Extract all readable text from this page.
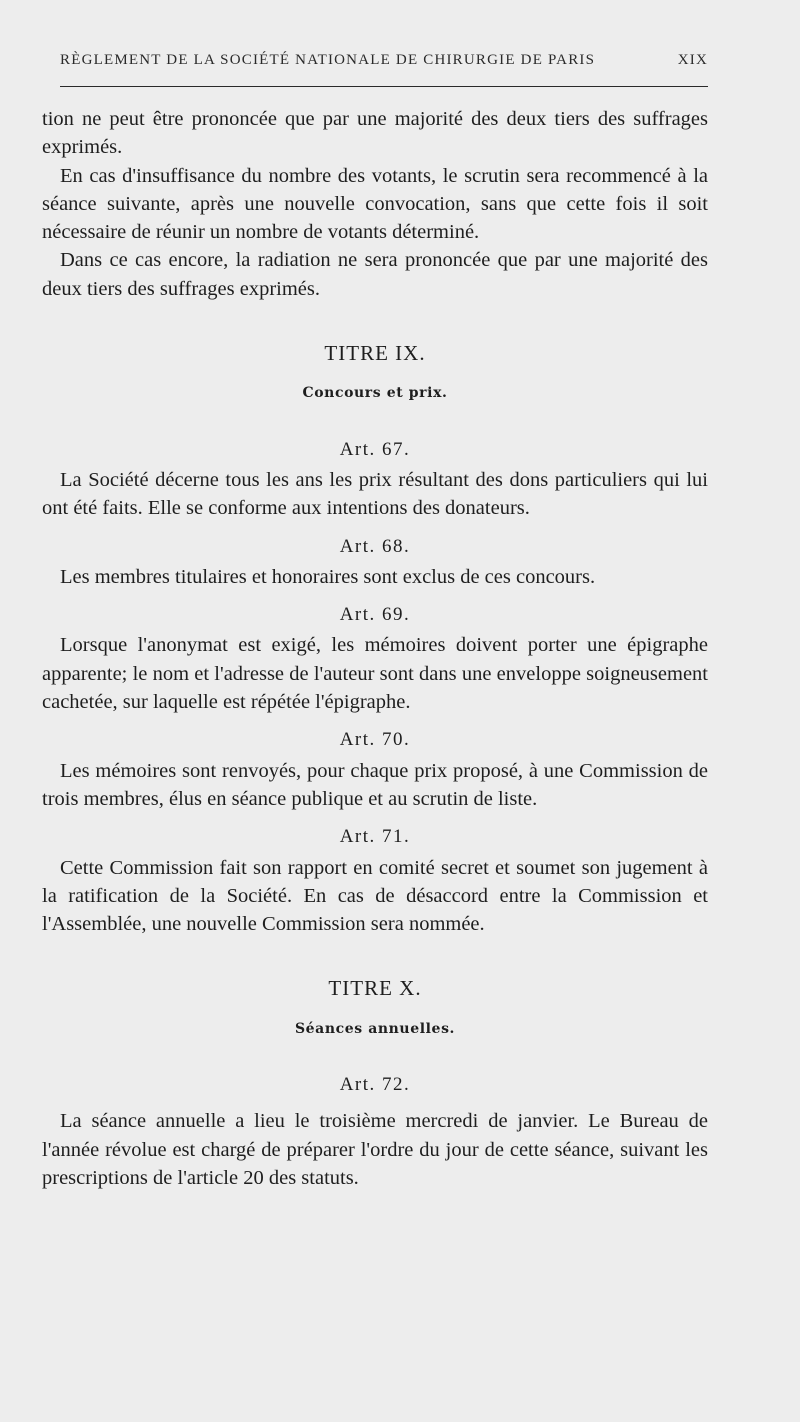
RÈGLEMENT DE LA SOCIÉTÉ NATIONALE DE CHIRURGIE DE PARIS	XIX

tion ne peut être prononcée que par une majorité des deux tiers des suffrages exprimés.

En cas d'insuffisance du nombre des votants, le scrutin sera recommencé à la séance suivante, après une nouvelle convocation, sans que cette fois il soit nécessaire de réunir un nombre de votants déterminé.

Dans ce cas encore, la radiation ne sera prononcée que par une majorité des deux tiers des suffrages exprimés.

TITRE IX.
Concours et prix.
Art. 67.

La Société décerne tous les ans les prix résultant des dons particuliers qui lui ont été faits. Elle se conforme aux intentions des donateurs.

Art. 68.

Les membres titulaires et honoraires sont exclus de ces concours.

Art. 69.

Lorsque l'anonymat est exigé, les mémoires doivent porter une épigraphe apparente; le nom et l'adresse de l'auteur sont dans une enveloppe soigneusement cachetée, sur laquelle est répétée l'épigraphe.

Art. 70.

Les mémoires sont renvoyés, pour chaque prix proposé, à une Commission de trois membres, élus en séance publique et au scrutin de liste.

Art. 71.

Cette Commission fait son rapport en comité secret et soumet son jugement à la ratification de la Société. En cas de désaccord entre la Commission et l'Assemblée, une nouvelle Commission sera nommée.

TITRE X.
Séances annuelles.
Art. 72.

La séance annuelle a lieu le troisième mercredi de janvier. Le Bureau de l'année révolue est chargé de préparer l'ordre du jour de cette séance, suivant les prescriptions de l'article 20 des statuts.
